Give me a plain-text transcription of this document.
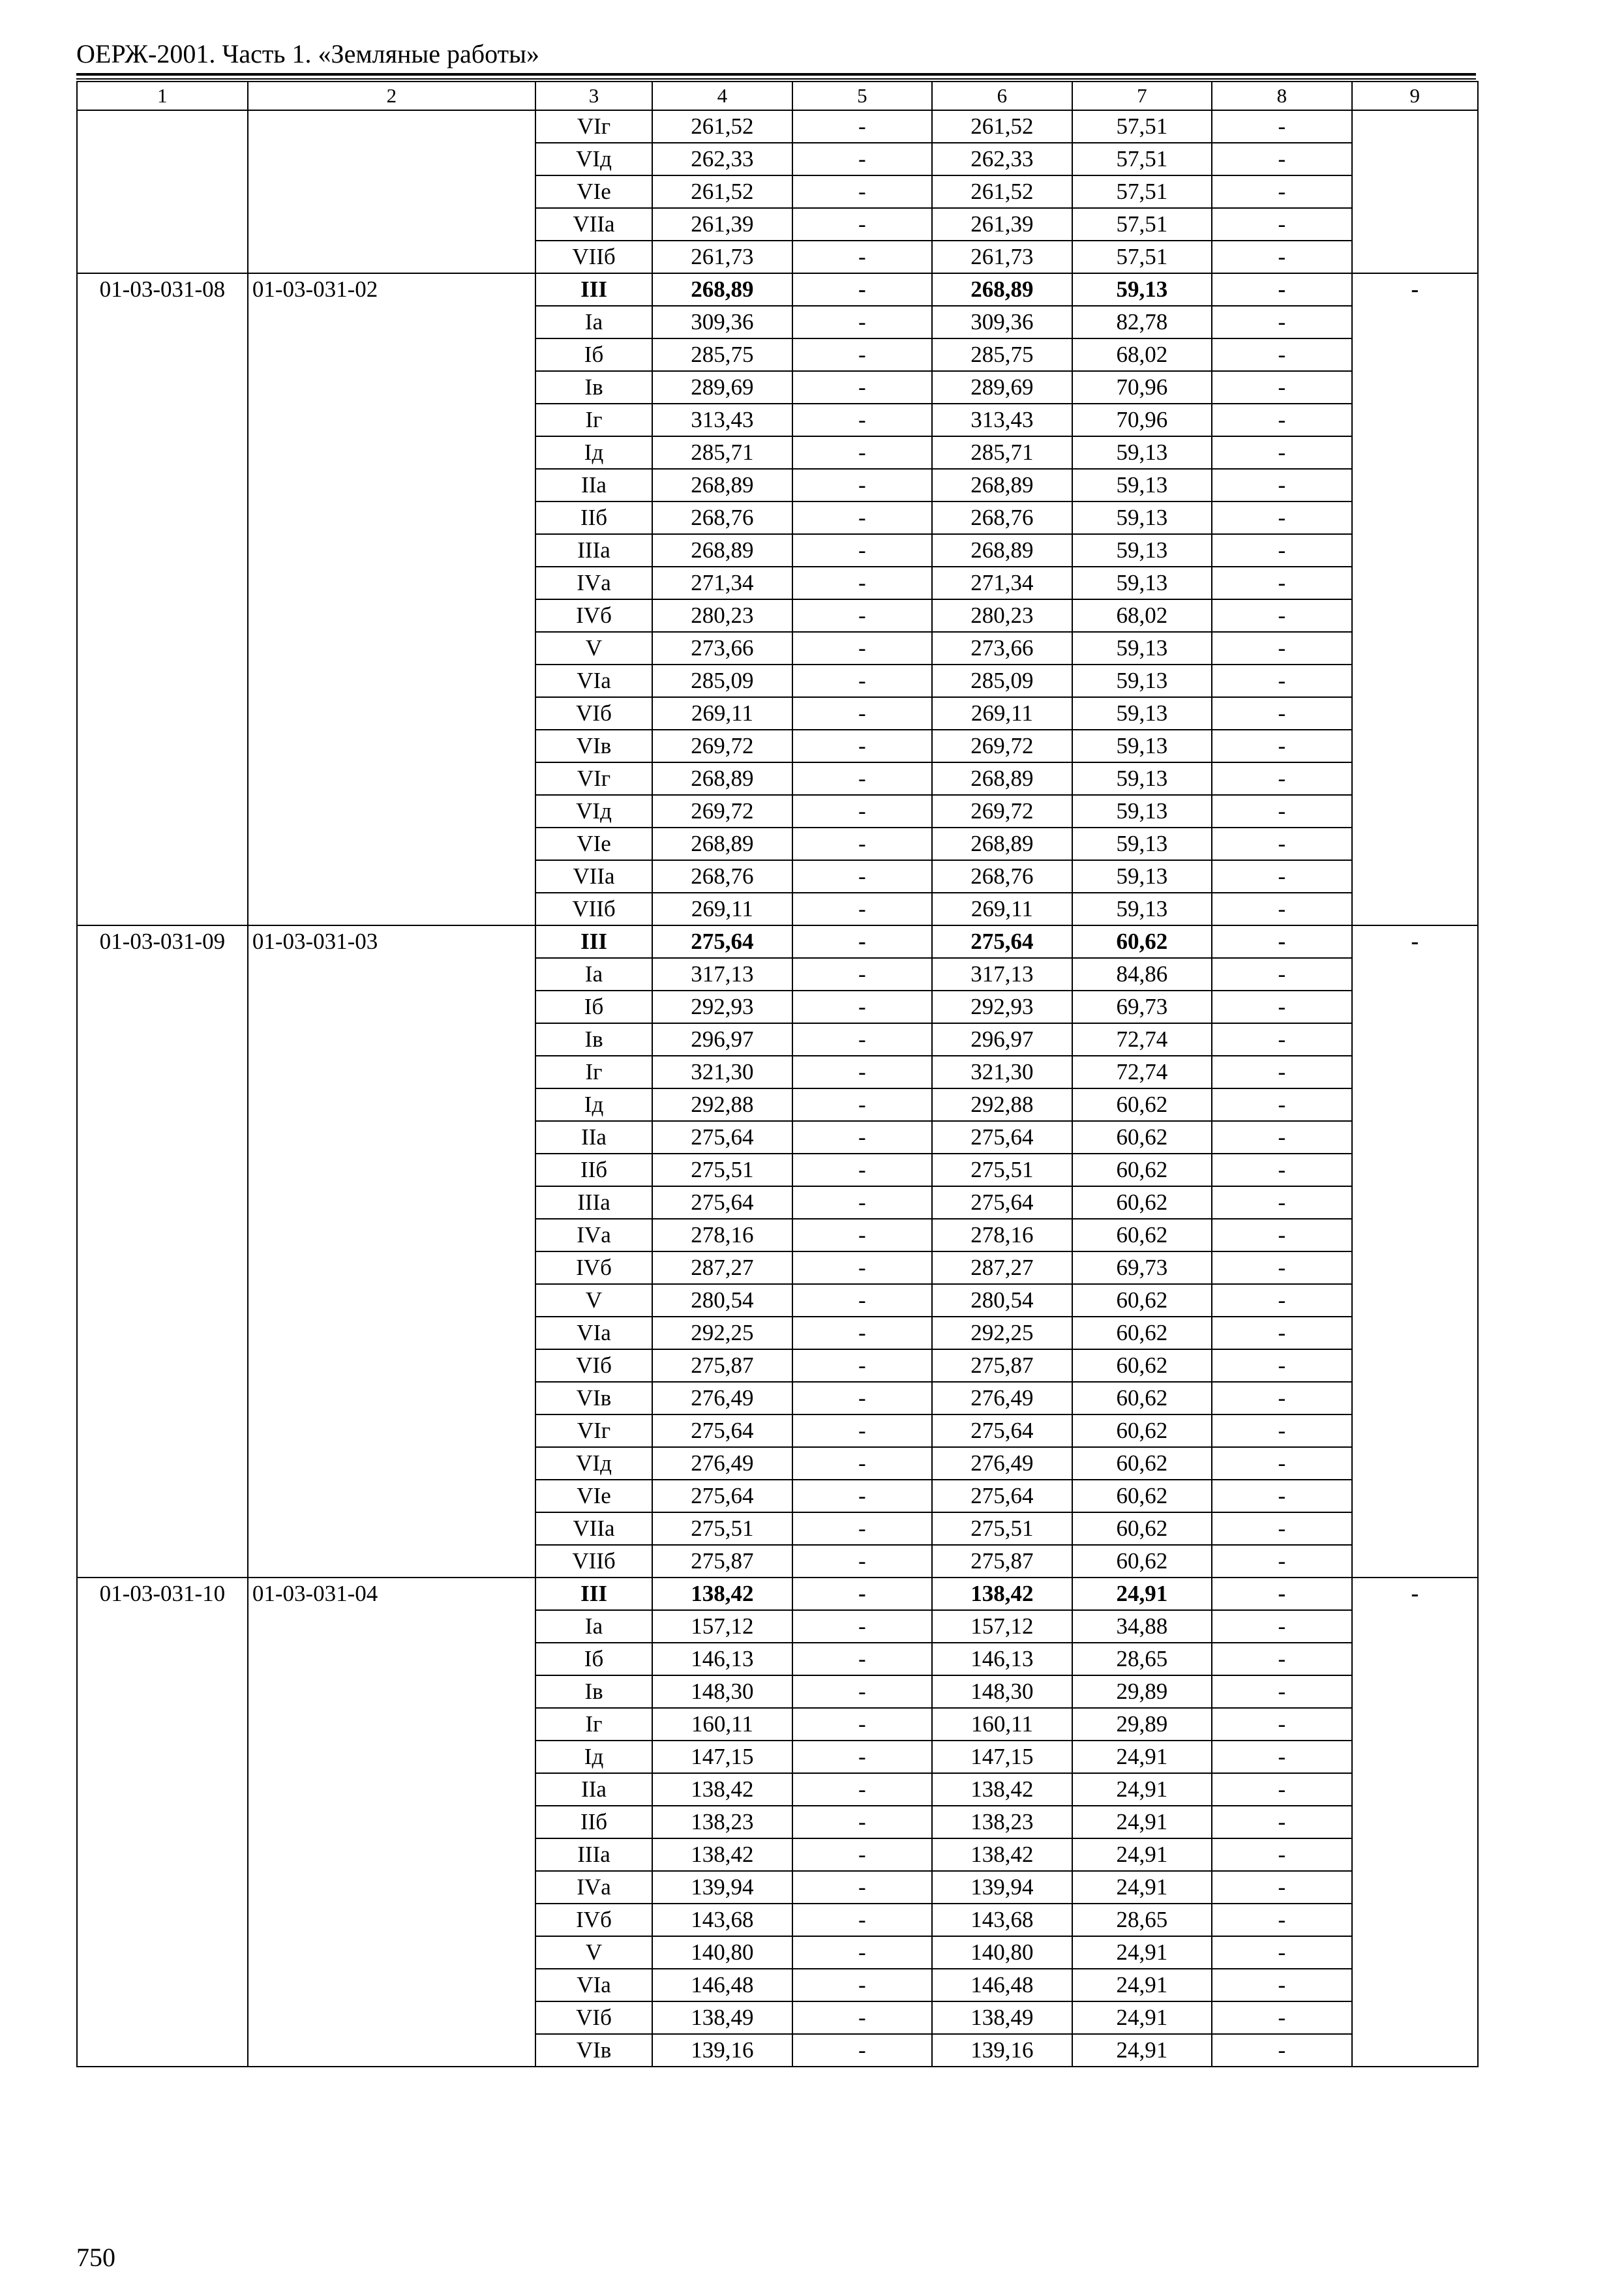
ОЕРЖ-2001. Часть 1. «Земляные работы»
1	2	3	4	5	6	7	8	9
		VIг	261,52	-	261,52	57,51	-	
		VIд	262,33	-	262,33	57,51	-	
		VIе	261,52	-	261,52	57,51	-	
		VIIа	261,39	-	261,39	57,51	-	
		VIIб	261,73	-	261,73	57,51	-	
01-03-031-08	01-03-031-02	III	268,89	-	268,89	59,13	-	-
		Iа	309,36	-	309,36	82,78	-	
		Iб	285,75	-	285,75	68,02	-	
		Iв	289,69	-	289,69	70,96	-	
		Iг	313,43	-	313,43	70,96	-	
		Iд	285,71	-	285,71	59,13	-	
		IIа	268,89	-	268,89	59,13	-	
		IIб	268,76	-	268,76	59,13	-	
		IIIа	268,89	-	268,89	59,13	-	
		IVа	271,34	-	271,34	59,13	-	
		IVб	280,23	-	280,23	68,02	-	
		V	273,66	-	273,66	59,13	-	
		VIа	285,09	-	285,09	59,13	-	
		VIб	269,11	-	269,11	59,13	-	
		VIв	269,72	-	269,72	59,13	-	
		VIг	268,89	-	268,89	59,13	-	
		VIд	269,72	-	269,72	59,13	-	
		VIе	268,89	-	268,89	59,13	-	
		VIIа	268,76	-	268,76	59,13	-	
		VIIб	269,11	-	269,11	59,13	-	
01-03-031-09	01-03-031-03	III	275,64	-	275,64	60,62	-	-
		Iа	317,13	-	317,13	84,86	-	
		Iб	292,93	-	292,93	69,73	-	
		Iв	296,97	-	296,97	72,74	-	
		Iг	321,30	-	321,30	72,74	-	
		Iд	292,88	-	292,88	60,62	-	
		IIа	275,64	-	275,64	60,62	-	
		IIб	275,51	-	275,51	60,62	-	
		IIIа	275,64	-	275,64	60,62	-	
		IVа	278,16	-	278,16	60,62	-	
		IVб	287,27	-	287,27	69,73	-	
		V	280,54	-	280,54	60,62	-	
		VIа	292,25	-	292,25	60,62	-	
		VIб	275,87	-	275,87	60,62	-	
		VIв	276,49	-	276,49	60,62	-	
		VIг	275,64	-	275,64	60,62	-	
		VIд	276,49	-	276,49	60,62	-	
		VIе	275,64	-	275,64	60,62	-	
		VIIа	275,51	-	275,51	60,62	-	
		VIIб	275,87	-	275,87	60,62	-	
01-03-031-10	01-03-031-04	III	138,42	-	138,42	24,91	-	-
		Iа	157,12	-	157,12	34,88	-	
		Iб	146,13	-	146,13	28,65	-	
		Iв	148,30	-	148,30	29,89	-	
		Iг	160,11	-	160,11	29,89	-	
		Iд	147,15	-	147,15	24,91	-	
		IIа	138,42	-	138,42	24,91	-	
		IIб	138,23	-	138,23	24,91	-	
		IIIа	138,42	-	138,42	24,91	-	
		IVа	139,94	-	139,94	24,91	-	
		IVб	143,68	-	143,68	28,65	-	
		V	140,80	-	140,80	24,91	-	
		VIа	146,48	-	146,48	24,91	-	
		VIб	138,49	-	138,49	24,91	-	
		VIв	139,16	-	139,16	24,91	-	
750
